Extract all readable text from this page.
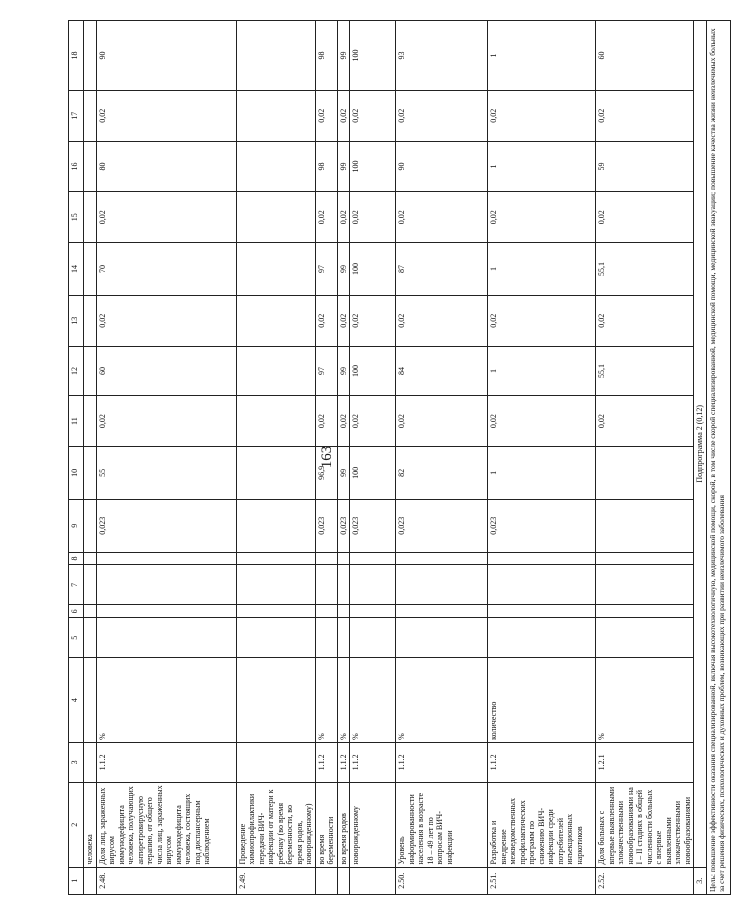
163
1	2	3	4	5	6	7	8	9	10	11	12	13	14	15	16	17	18
	человека																
2.48.	Доля лиц, зараженных вирусом иммунодефицита человека, получающих антиретровирусную терапию, от общего числа лиц, зараженных вирусом иммунодефицита человека, состоящих под диспансерным наблюдением	1.1.2	%					0,023	55	0,02	60	0,02	70	0,02	80	0,02	90
2.49.	Проведение химиопрофилактики передачи ВИЧ-инфекции от матери к ребенку (во время беременности, во время родов, новорожденному)																
	во время беременности	1.1.2	%					0,023	96,9	0,02	97	0,02	97	0,02	98	0,02	98
	во время родов	1.1.2	%					0,023	99	0,02	99	0,02	99	0,02	99	0,02	99
	новорожденному	1.1.2	%					0,023	100	0,02	100	0,02	100	0,02	100	0,02	100
2.50.	Уровень информированности населения в возрасте 18 – 49 лет по вопросам ВИЧ-инфекции	1.1.2	%					0,023	82	0,02	84	0,02	87	0,02	90	0,02	93
2.51.	Разработка и внедрение межведомственных профилактических программ по снижению ВИЧ-инфекции среди потребителей инъекционных наркотиков	1.1.2	количество					0,023	1	0,02	1	0,02	1	0,02	1	0,02	1
2.52.	Доля больных с впервые выявленными злокачественными новообразованиями на I – II стадиях в общей численности больных с впервые выявленными злокачественными новообразованиями	1.2.1	%							0,02	55,1	0,02	55,1	0,02	59	0,02	60
3.	Подпрограмма 2 (0,12)																
Цель: повышение эффективности оказания специализированной, включая высокотехнологичную, медицинской помощи, скорой, в том числе скорой специализированной, медицинской помощи, медицинской эвакуации; повышение качества жизни неизлечимых больных за счет решения физических, психологических и духовных проблем, возникающих при развитии неизлечимого заболевания																	
